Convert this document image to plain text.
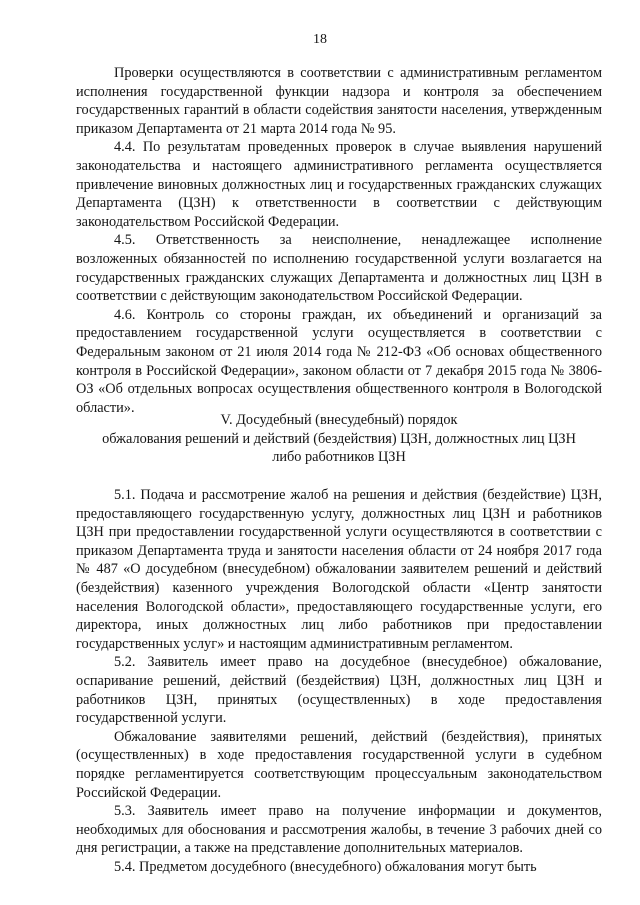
18

Проверки осуществляются в соответствии с административным регламентом исполнения государственной функции надзора и контроля за обеспечением государственных гарантий в области содействия занятости населения, утвержденным приказом Департамента от 21 марта 2014 года № 95.

4.4. По результатам проведенных проверок в случае выявления нарушений законодательства и настоящего административного регламента осуществляется привлечение виновных должностных лиц и государственных гражданских служащих Департамента (ЦЗН) к ответственности в соответствии с действующим законодательством Российской Федерации.

4.5. Ответственность за неисполнение, ненадлежащее исполнение возложенных обязанностей по исполнению государственной услуги возлагается на государственных гражданских служащих Департамента и должностных лиц ЦЗН в соответствии с действующим законодательством Российской Федерации.

4.6. Контроль со стороны граждан, их объединений и организаций за предоставлением государственной услуги осуществляется в соответствии с Федеральным законом от 21 июля 2014 года № 212-ФЗ «Об основах общественного контроля в Российской Федерации», законом области от 7 декабря 2015 года № 3806-ОЗ «Об отдельных вопросах осуществления общественного контроля в Вологодской области».

V. Досудебный (внесудебный) порядок
обжалования решений и действий (бездействия) ЦЗН, должностных лиц ЦЗН
либо работников ЦЗН

5.1. Подача и рассмотрение жалоб на решения и действия (бездействие) ЦЗН, предоставляющего государственную услугу, должностных лиц ЦЗН и работников ЦЗН при предоставлении государственной услуги осуществляются в соответствии с приказом Департамента труда и занятости населения области от 24 ноября 2017 года № 487 «О досудебном (внесудебном) обжаловании заявителем решений и действий (бездействия) казенного учреждения Вологодской области «Центр занятости населения Вологодской области», предоставляющего государственные услуги, его директора, иных должностных лиц либо работников при предоставлении государственных услуг» и настоящим административным регламентом.

5.2. Заявитель имеет право на досудебное (внесудебное) обжалование, оспаривание решений, действий (бездействия) ЦЗН, должностных лиц ЦЗН и работников ЦЗН, принятых (осуществленных) в ходе предоставления государственной услуги.

Обжалование заявителями решений, действий (бездействия), принятых (осуществленных) в ходе предоставления государственной услуги в судебном порядке регламентируется соответствующим процессуальным законодательством Российской Федерации.

5.3. Заявитель имеет право на получение информации и документов, необходимых для обоснования и рассмотрения жалобы, в течение 3 рабочих дней со дня регистрации, а также на представление дополнительных материалов.

5.4. Предметом досудебного (внесудебного) обжалования могут быть
